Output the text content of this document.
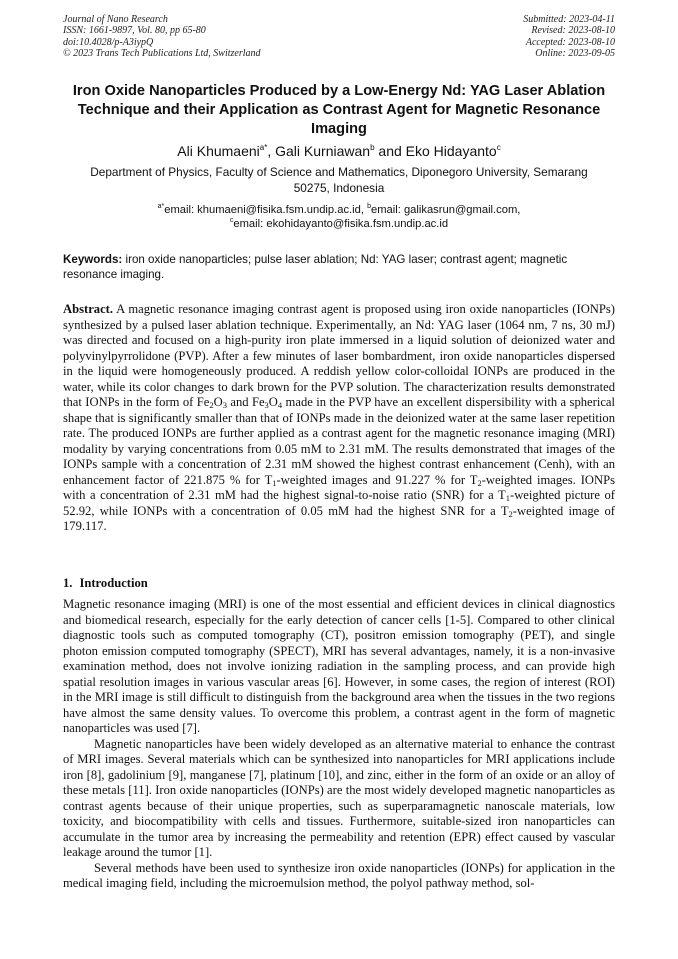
Journal of Nano Research
ISSN: 1661-9897, Vol. 80, pp 65-80
doi:10.4028/p-A3iypQ
© 2023 Trans Tech Publications Ltd, Switzerland
Submitted: 2023-04-11
Revised: 2023-08-10
Accepted: 2023-08-10
Online: 2023-09-05
Iron Oxide Nanoparticles Produced by a Low-Energy Nd: YAG Laser Ablation Technique and their Application as Contrast Agent for Magnetic Resonance Imaging
Ali Khumaeni$^{a*}$, Gali Kurniawan$^b$ and Eko Hidayanto$^c$
Department of Physics, Faculty of Science and Mathematics, Diponegoro University, Semarang 50275, Indonesia
$^{a*}$email: khumaeni@fisika.fsm.undip.ac.id, $^b$email: galikasrun@gmail.com,
$^c$email: ekohidayanto@fisika.fsm.undip.ac.id
Keywords: iron oxide nanoparticles; pulse laser ablation; Nd: YAG laser; contrast agent; magnetic resonance imaging.
Abstract. A magnetic resonance imaging contrast agent is proposed using iron oxide nanoparticles (IONPs) synthesized by a pulsed laser ablation technique. Experimentally, an Nd: YAG laser (1064 nm, 7 ns, 30 mJ) was directed and focused on a high-purity iron plate immersed in a liquid solution of deionized water and polyvinylpyrrolidone (PVP). After a few minutes of laser bombardment, iron oxide nanoparticles dispersed in the liquid were homogeneously produced. A reddish yellow color-colloidal IONPs are produced in the water, while its color changes to dark brown for the PVP solution. The characterization results demonstrated that IONPs in the form of $Fe_2O_3$ and $Fe_3O_4$ made in the PVP have an excellent dispersibility with a spherical shape that is significantly smaller than that of IONPs made in the deionized water at the same laser repetition rate. The produced IONPs are further applied as a contrast agent for the magnetic resonance imaging (MRI) modality by varying concentrations from 0.05 mM to 2.31 mM. The results demonstrated that images of the IONPs sample with a concentration of 2.31 mM showed the highest contrast enhancement (Cenh), with an enhancement factor of 221.875 % for $T_1$-weighted images and 91.227 % for $T_2$-weighted images. IONPs with a concentration of 2.31 mM had the highest signal-to-noise ratio (SNR) for a $T_1$-weighted picture of 52.92, while IONPs with a concentration of 0.05 mM had the highest SNR for a $T_2$-weighted image of 179.117.
1. Introduction

Magnetic resonance imaging (MRI) is one of the most essential and efficient devices in clinical diagnostics and biomedical research, especially for the early detection of cancer cells [1-5]. Compared to other clinical diagnostic tools such as computed tomography (CT), positron emission tomography (PET), and single photon emission computed tomography (SPECT), MRI has several advantages, namely, it is a non-invasive examination method, does not involve ionizing radiation in the sampling process, and can provide high spatial resolution images in various vascular areas [6]. However, in some cases, the region of interest (ROI) in the MRI image is still difficult to distinguish from the background area when the tissues in the two regions have almost the same density values. To overcome this problem, a contrast agent in the form of magnetic nanoparticles was used [7].

Magnetic nanoparticles have been widely developed as an alternative material to enhance the contrast of MRI images. Several materials which can be synthesized into nanoparticles for MRI applications include iron [8], gadolinium [9], manganese [7], platinum [10], and zinc, either in the form of an oxide or an alloy of these metals [11]. Iron oxide nanoparticles (IONPs) are the most widely developed magnetic nanoparticles as contrast agents because of their unique properties, such as superparamagnetic nanoscale materials, low toxicity, and biocompatibility with cells and tissues. Furthermore, suitable-sized iron nanoparticles can accumulate in the tumor area by increasing the permeability and retention (EPR) effect caused by vascular leakage around the tumor [1].

Several methods have been used to synthesize iron oxide nanoparticles (IONPs) for application in the medical imaging field, including the microemulsion method, the polyol pathway method, sol-
